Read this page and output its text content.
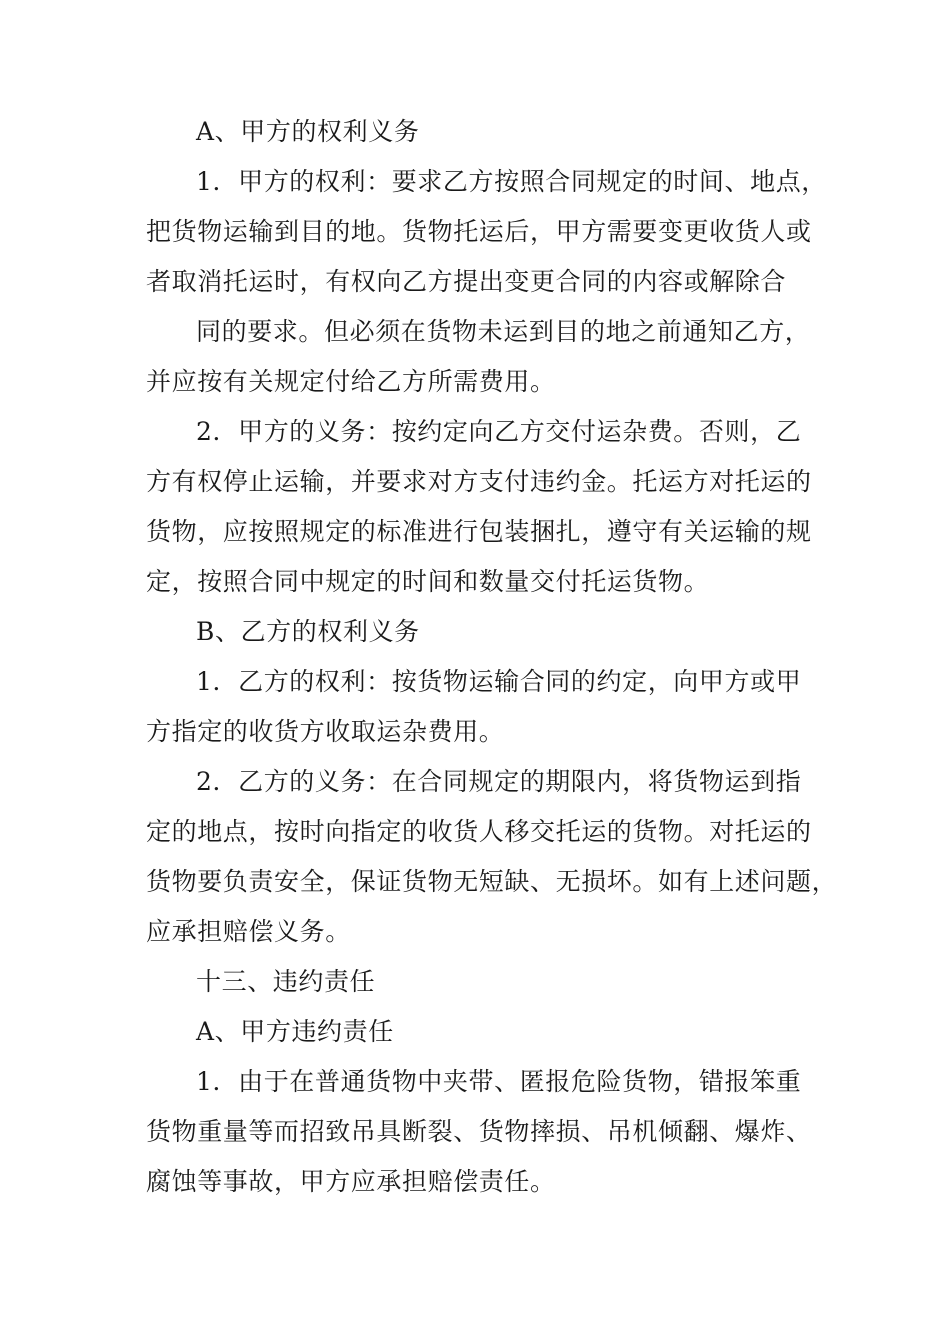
A、甲方的权利义务
1．甲方的权利：要求乙方按照合同规定的时间、地点，
把货物运输到目的地。货物托运后，甲方需要变更收货人或
者取消托运时，有权向乙方提出变更合同的内容或解除合
同的要求。但必须在货物未运到目的地之前通知乙方，
并应按有关规定付给乙方所需费用。
2．甲方的义务：按约定向乙方交付运杂费。否则，乙
方有权停止运输，并要求对方支付违约金。托运方对托运的
货物，应按照规定的标准进行包装捆扎，遵守有关运输的规
定，按照合同中规定的时间和数量交付托运货物。
B、乙方的权利义务
1．乙方的权利：按货物运输合同的约定，向甲方或甲
方指定的收货方收取运杂费用。
2．乙方的义务：在合同规定的期限内，将货物运到指
定的地点，按时向指定的收货人移交托运的货物。对托运的
货物要负责安全，保证货物无短缺、无损坏。如有上述问题，
应承担赔偿义务。
十三、违约责任
A、甲方违约责任
1．由于在普通货物中夹带、匿报危险货物，错报笨重
货物重量等而招致吊具断裂、货物摔损、吊机倾翻、爆炸、
腐蚀等事故，甲方应承担赔偿责任。
